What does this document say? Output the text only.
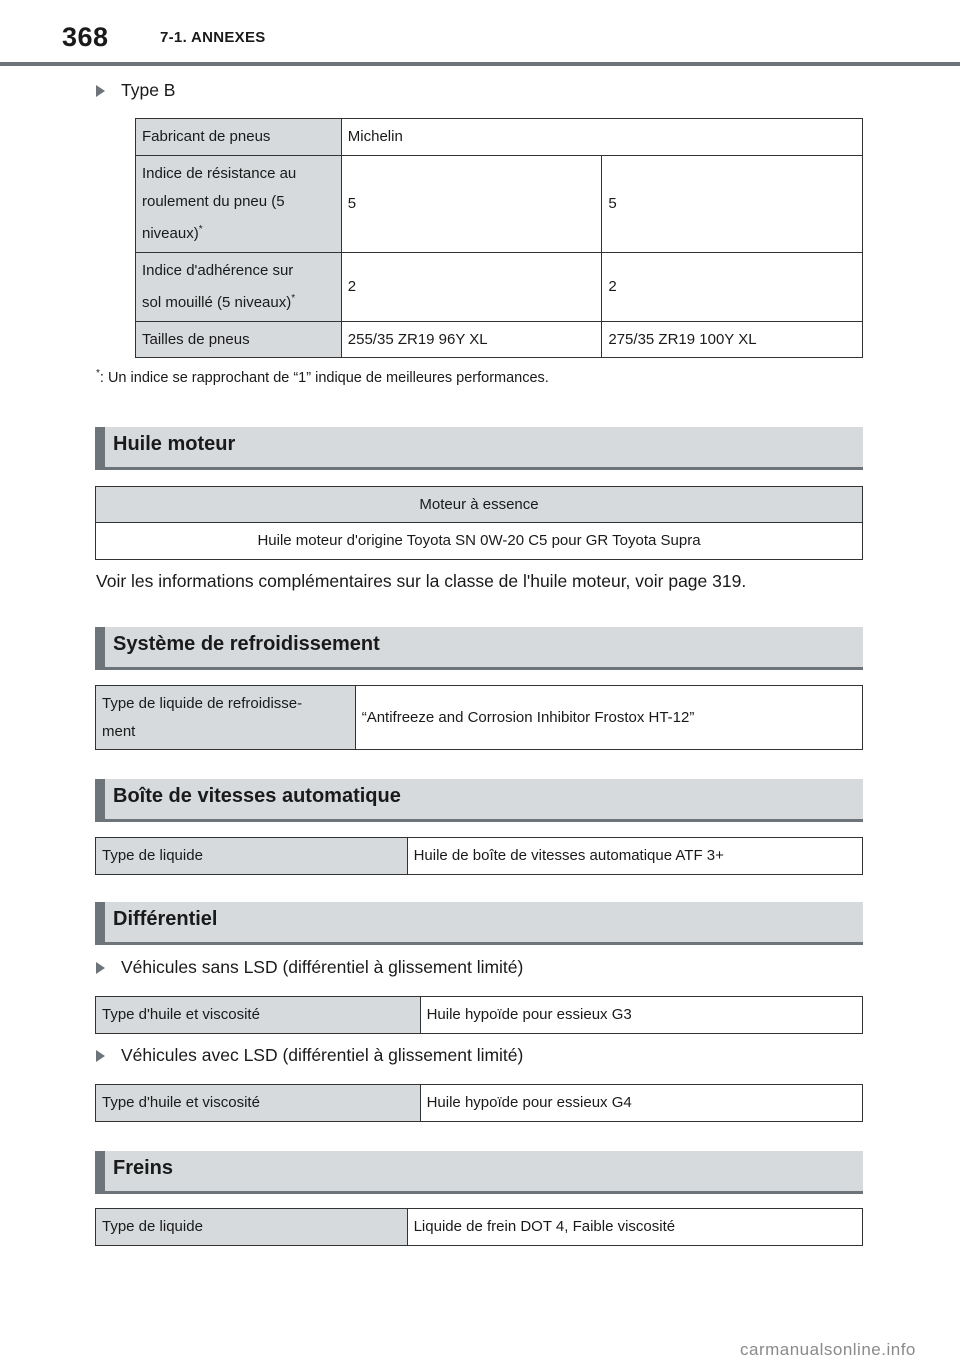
368	7-1. ANNEXES
Type B
Fabricant de pneus	Michelin	
Indice de résistance au
roulement du pneu (5
niveaux)*	5	5
Indice d'adhérence sur
sol mouillé (5 niveaux)*	2	2
Tailles de pneus	255/35 ZR19 96Y XL	275/35 ZR19 100Y XL
*: Un indice se rapprochant de “1” indique de meilleures performances.
Huile moteur
Moteur à essence
Huile moteur d'origine Toyota SN 0W-20 C5 pour GR Toyota Supra
Voir les informations complémentaires sur la classe de l'huile moteur, voir page 319.
Système de refroidissement
Type de liquide de refroidisse-
ment	“Antifreeze and Corrosion Inhibitor Frostox HT-12”
Boîte de vitesses automatique
Type de liquide	Huile de boîte de vitesses automatique ATF 3+
Différentiel
Véhicules sans LSD (différentiel à glissement limité)
Type d'huile et viscosité	Huile hypoïde pour essieux G3
Véhicules avec LSD (différentiel à glissement limité)
Type d'huile et viscosité	Huile hypoïde pour essieux G4
Freins
Type de liquide	Liquide de frein DOT 4, Faible viscosité
carmanualsonline.info
